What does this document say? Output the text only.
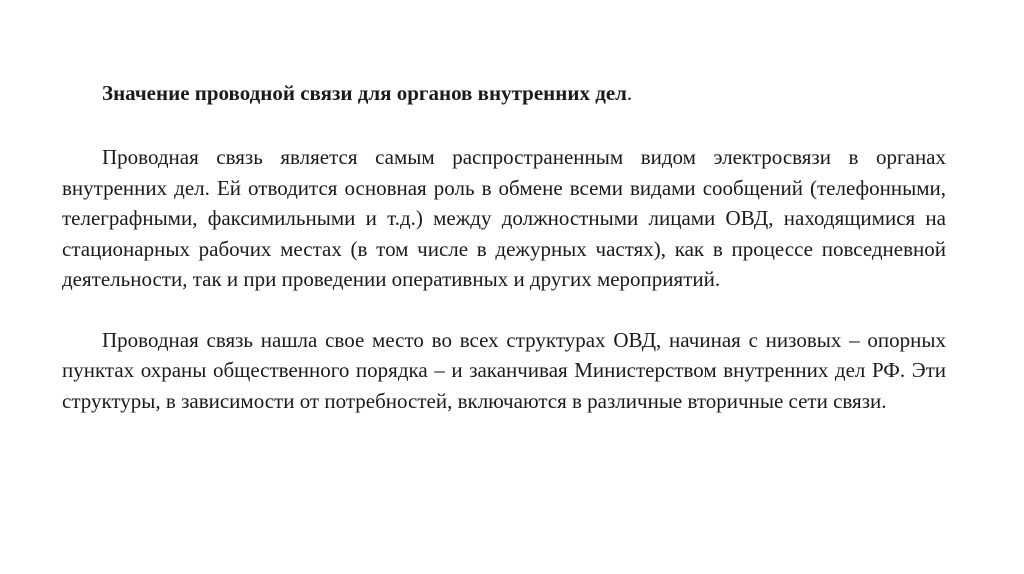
Значение проводной связи для органов внутренних дел.

Проводная связь является самым распространенным видом электросвязи в органах внутренних дел. Ей отводится основная роль в обмене всеми видами сообщений (телефонными, телеграфными, факсимильными и т.д.) между должностными лицами ОВД, находящимися на стационарных рабочих местах (в том числе в дежурных частях), как в процессе повседневной деятельности, так и при проведении оперативных и других мероприятий.

Проводная связь нашла свое место во всех структурах ОВД, начиная с низовых – опорных пунктах охраны общественного порядка – и заканчивая Министерством внутренних дел РФ. Эти структуры, в зависимости от потребностей, включаются в различные вторичные сети связи.
